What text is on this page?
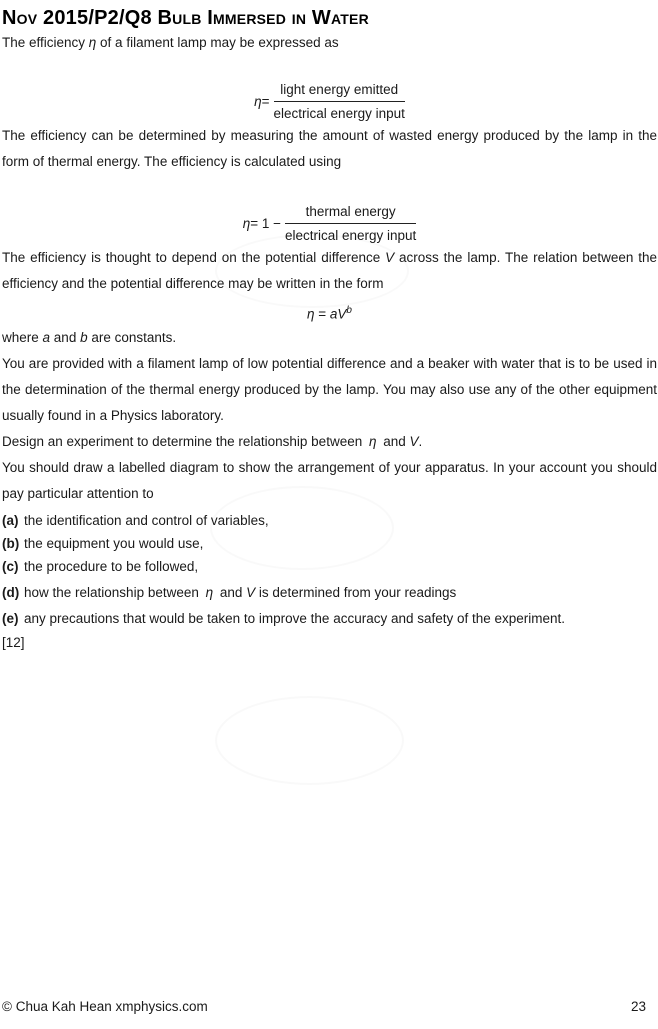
Nov 2015/P2/Q8 Bulb Immersed in Water

The efficiency η of a filament lamp may be expressed as

$\eta = \frac{\text{light energy emitted}}{\text{electrical energy input}}$

The efficiency can be determined by measuring the amount of wasted energy produced by the lamp in the form of thermal energy. The efficiency is calculated using

$\eta = 1 - \frac{\text{thermal energy}}{\text{electrical energy input}}$

The efficiency is thought to depend on the potential difference V across the lamp. The relation between the efficiency and the potential difference may be written in the form

$\eta = aV^b$

where a and b are constants.

You are provided with a filament lamp of low potential difference and a beaker with water that is to be used in the determination of the thermal energy produced by the lamp. You may also use any of the other equipment usually found in a Physics laboratory.

Design an experiment to determine the relationship between η and V.

You should draw a labelled diagram to show the arrangement of your apparatus. In your account you should pay particular attention to

(a) the identification and control of variables,
(b) the equipment you would use,
(c) the procedure to be followed,
(d) how the relationship between η and V is determined from your readings
(e) any precautions that would be taken to improve the accuracy and safety of the experiment.

[12]

© Chua Kah Hean xmphysics.com	23
